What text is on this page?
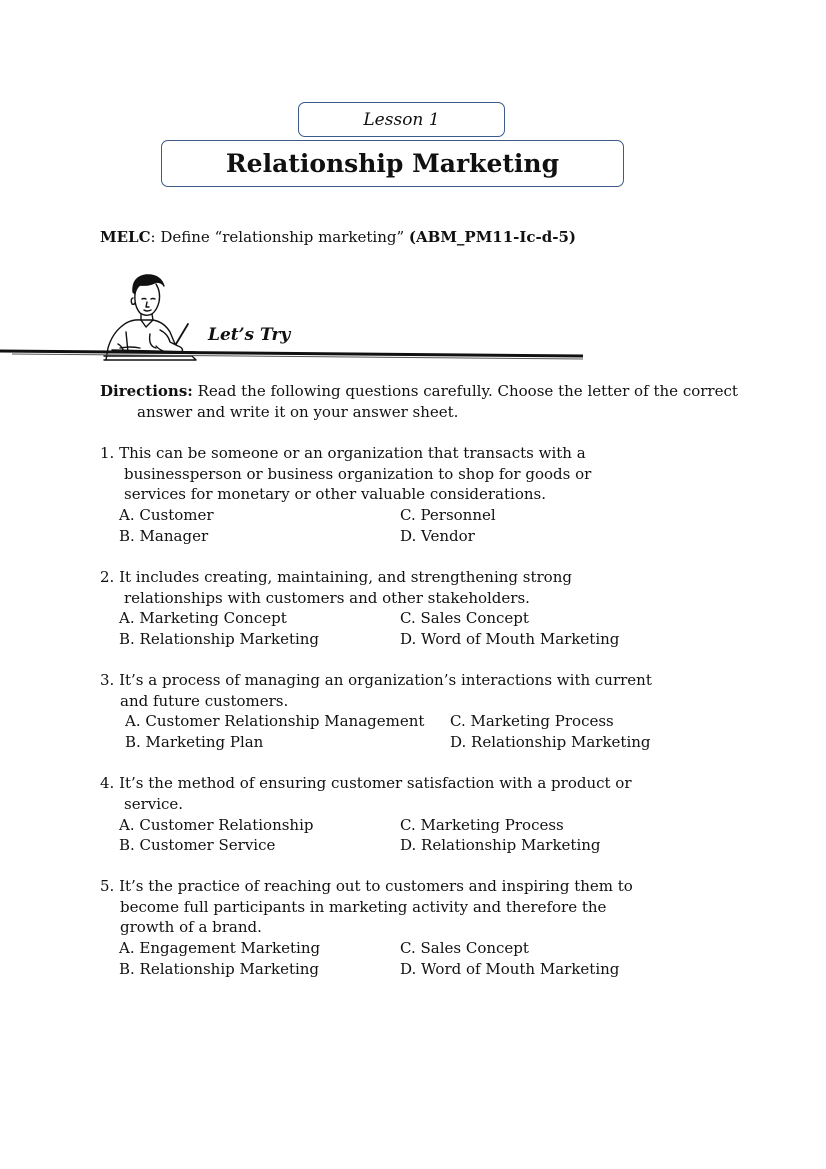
Lesson 1
Relationship Marketing
MELC: Define “relationship marketing” (ABM_PM11-Ic-d-5)
Let’s Try
Directions: Read the following questions carefully. Choose the letter of the correct
answer and write it on your answer sheet.
1. This can be someone or an organization that transacts with a
businessperson or business organization to shop for goods or
services for monetary or other valuable considerations.
A. Customer	C. Personnel
B. Manager	D. Vendor
2. It includes creating, maintaining, and strengthening strong
relationships with customers and other stakeholders.
A. Marketing Concept	C. Sales Concept
B. Relationship Marketing	D. Word of Mouth Marketing
3. It’s a process of managing an organization’s interactions with current
and future customers.
A. Customer Relationship Management C. Marketing Process
B. Marketing Plan	D. Relationship Marketing
4. It’s the method of ensuring customer satisfaction with a product or
service.
A. Customer Relationship	C. Marketing Process
B. Customer Service	D. Relationship Marketing
5. It’s the practice of reaching out to customers and inspiring them to
become full participants in marketing activity and therefore the
growth of a brand.
A. Engagement Marketing	C. Sales Concept
B. Relationship Marketing	D. Word of Mouth Marketing
